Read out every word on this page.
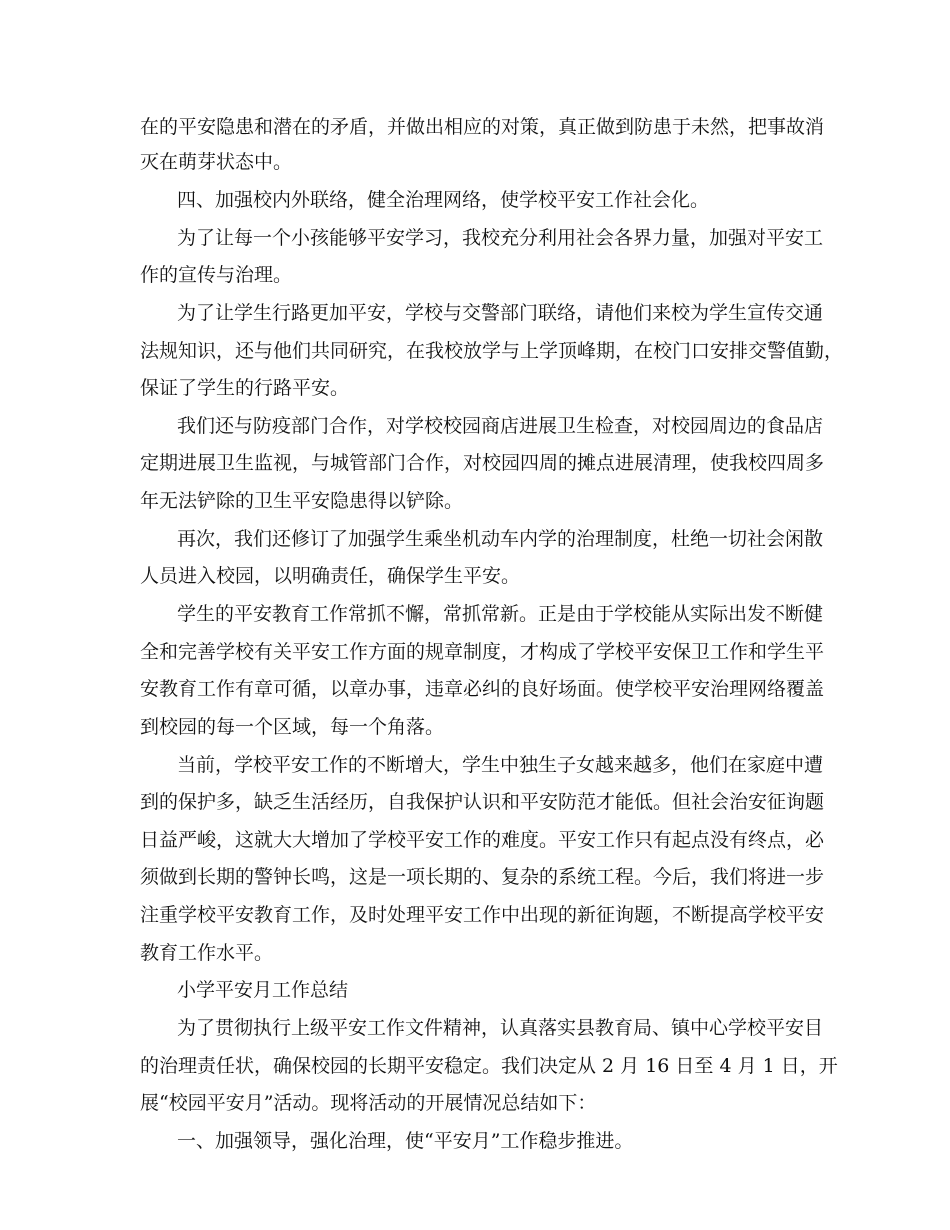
在的平安隐患和潜在的矛盾，并做出相应的对策，真正做到防患于未然，把事故消
灭在萌芽状态中。
四、加强校内外联络，健全治理网络，使学校平安工作社会化。
为了让每一个小孩能够平安学习，我校充分利用社会各界力量，加强对平安工
作的宣传与治理。
为了让学生行路更加平安，学校与交警部门联络，请他们来校为学生宣传交通
法规知识，还与他们共同研究，在我校放学与上学顶峰期，在校门口安排交警值勤，
保证了学生的行路平安。
我们还与防疫部门合作，对学校校园商店进展卫生检查，对校园周边的食品店
定期进展卫生监视，与城管部门合作，对校园四周的摊点进展清理，使我校四周多
年无法铲除的卫生平安隐患得以铲除。
再次，我们还修订了加强学生乘坐机动车内学的治理制度，杜绝一切社会闲散
人员进入校园，以明确责任，确保学生平安。
学生的平安教育工作常抓不懈，常抓常新。正是由于学校能从实际出发不断健
全和完善学校有关平安工作方面的规章制度，才构成了学校平安保卫工作和学生平
安教育工作有章可循，以章办事，违章必纠的良好场面。使学校平安治理网络覆盖
到校园的每一个区域，每一个角落。
当前，学校平安工作的不断增大，学生中独生子女越来越多，他们在家庭中遭
到的保护多，缺乏生活经历，自我保护认识和平安防范才能低。但社会治安征询题
日益严峻，这就大大增加了学校平安工作的难度。平安工作只有起点没有终点，必
须做到长期的警钟长鸣，这是一项长期的、复杂的系统工程。今后，我们将进一步
注重学校平安教育工作，及时处理平安工作中出现的新征询题，不断提高学校平安
教育工作水平。
小学平安月工作总结
为了贯彻执行上级平安工作文件精神，认真落实县教育局、镇中心学校平安目
的治理责任状，确保校园的长期平安稳定。我们决定从 2 月 16 日至 4 月 1 日，开
展“校园平安月”活动。现将活动的开展情况总结如下：
一、加强领导，强化治理，使“平安月”工作稳步推进。
